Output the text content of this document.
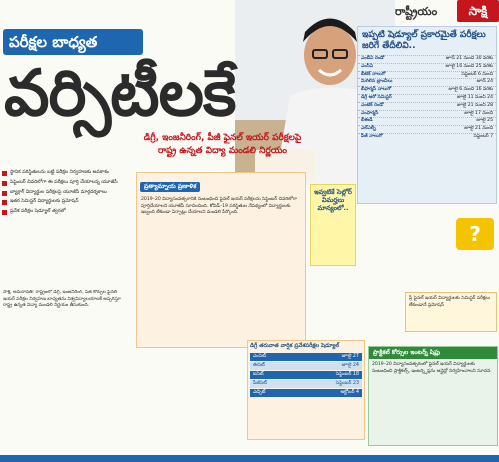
రాష్ట్రీయం	సాక్షి
పరీక్షల బాధ్యత
వర్సిటీలకే
డిగ్రీ, ఇంజనీరింగ్, పీజీ ఫైనల్ ఇయర్ పరీక్షలపై
రాష్ట్ర ఉన్నత విద్యా మండలి నిర్ణయం
ఇప్పటి షెడ్యూల్ ప్రకారమైతే పరీక్షలు జరిగే తేదీలివి..
ఎంబీఏ రెండో	జూన్ 21 నుంచి 30 వరకు
ఎంసీఏ	జూలై 16 నుంచి 25 వరకు
బీటెక్ నాలుగో	సెప్టెంబర్ 6 నుంచి
మిగిలిన బ్రాంచీలు	జూన్ 24
బీఫార్మసీ నాలుగో	జూలై 6 నుంచి 16 వరకు
డిగ్రీ ఆరో సెమిస్టర్	జూలై 11 నుంచి 24
ఎంటెక్ రెండో	జూలై 21 నుంచి 28
ఎంఫార్మసీ	జూలై 17 నుంచి
బీఈడీ	జూలై 25
ఎల్ఎల్బీ	జూలై 21 నుంచి
పీజీ నాలుగో	సెప్టెంబర్ 7
స్థానిక పరిస్థితులను బట్టి పరీక్షల నిర్వహణకు అవకాశం
సెప్టెంబర్ చివరిలోగా ఈ పరీక్షలు పూర్తి చేయాలన్న యూజీసీ
బ్యాక్లాగ్ విద్యార్థుల పరీక్షలపై యూజీసీ మార్గదర్శకాలు
ఇతర సెమిస్టర్ విద్యార్థులకు ప్రమోషన్
ప్రవేశ పరీక్షల షెడ్యూల్ త్వరలో
సాక్షి, అమరావతి: రాష్ట్రంలో డిగ్రీ, ఇంజనీరింగ్, పీజీ కోర్సుల ఫైనల్ ఇయర్ పరీక్షల నిర్వహణ బాధ్యతను విశ్వవిద్యాలయాలకే అప్పగిస్తూ రాష్ట్ర ఉన్నత విద్యా మండలి నిర్ణయం తీసుకుంది.
ప్రత్యామ్నాయ ప్రణాళిక
2019–20 విద్యాసంవత్సరానికి సంబంధించి ఫైనల్ ఇయర్ పరీక్షలను సెప్టెంబర్ చివరిలోగా పూర్తిచేయాలని యూజీసీ సూచించింది. కోవిడ్–19 పరిస్థితుల నేపథ్యంలో విద్యార్థులకు ఇబ్బంది లేకుండా ఏర్పాట్లు చేయాలని మండలి పేర్కొంది.
ఇవ్వటికే సెల్లోర్ విమర్హలు మాన్యంలో..
?
ప్రీ ఫైనల్ ఇయర్ విద్యార్థులకు సెమిస్టర్ పరీక్షలు లేకుండానే ప్రమోషన్
డిగ్రీ తరువాత వార్షిక ప్రవేశపరీక్షల షెడ్యూల్
ఎంసెట్	జూలై 27
ఈసెట్	జూలై 24
ఐసెట్	సెప్టెంబర్ 18
పీజీసెట్	సెప్టెంబర్ 23
ఎడ్సెట్	అక్టోబర్ 4
ప్రాక్టికల్ కోర్సుల ఇంటర్న్ షిప్లు
2019–20 విద్యాసంవత్సరంలో ఫైనల్ ఇయర్ విద్యార్థులకు సంబంధించి ప్రాక్టికల్స్, ఇంటర్న్షిప్లను ఆన్లైన్లో నిర్వహించాలని సూచన.
